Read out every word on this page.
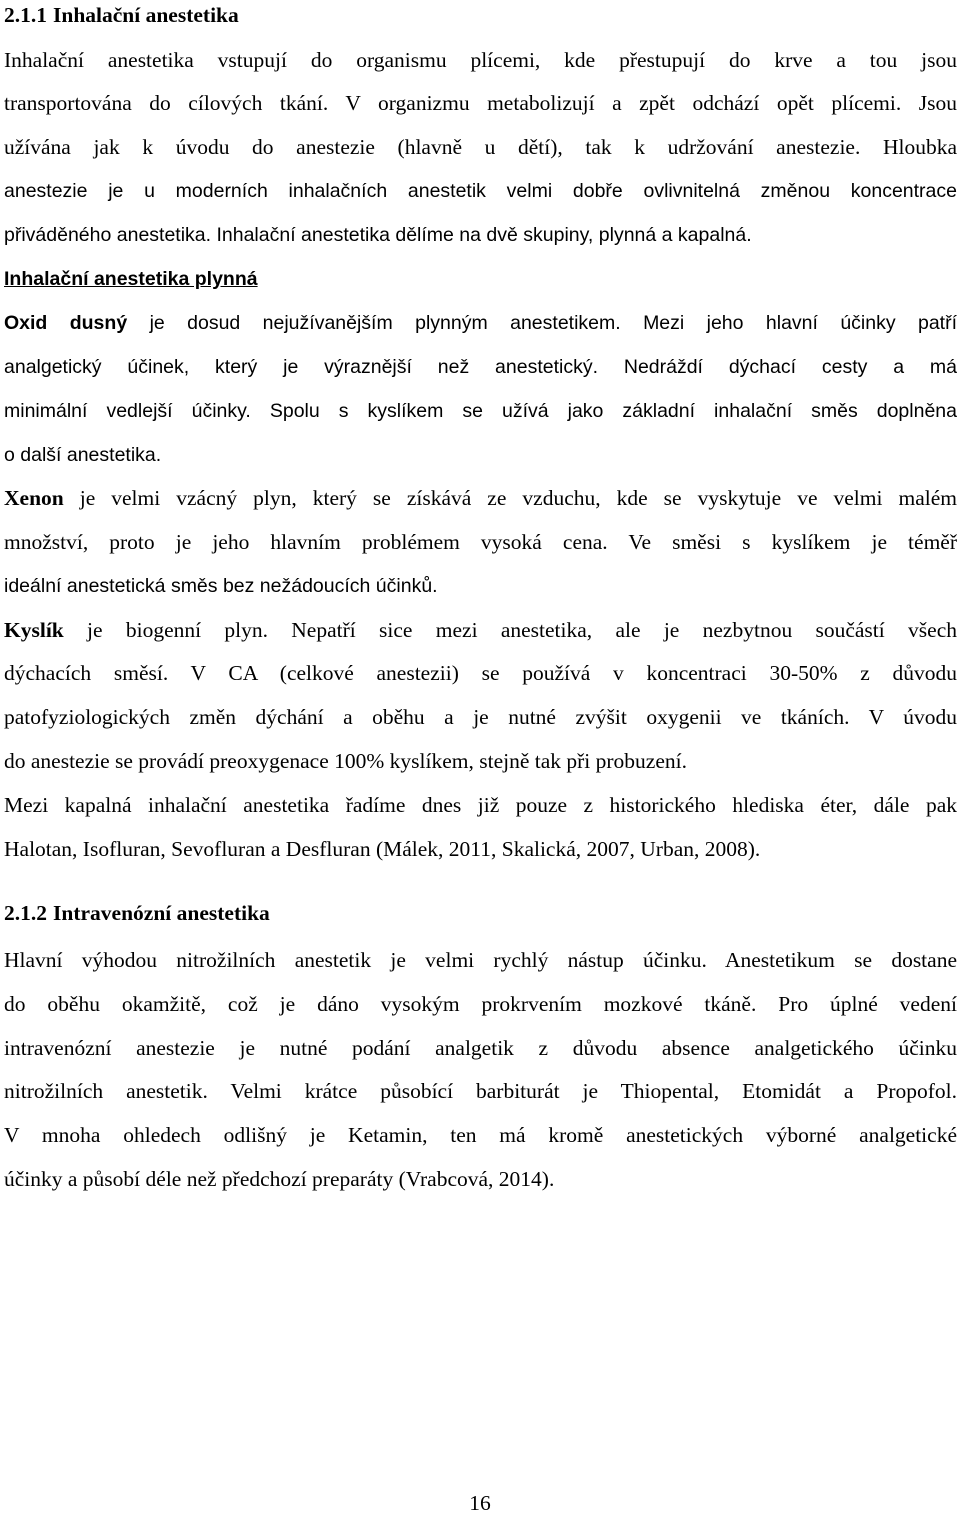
2.1.1 Inhalační anestetika
Inhalační anestetika vstupují do organismu plícemi, kde přestupují do krve a tou jsou
transportována do cílových tkání. V organizmu metabolizují a zpět odchází opět plícemi. Jsou
užívána jak k úvodu do anestezie (hlavně u dětí), tak k udržování anestezie. Hloubka
anestezie je u moderních inhalačních anestetik velmi dobře ovlivnitelná změnou koncentrace
přiváděného anestetika. Inhalační anestetika dělíme na dvě skupiny, plynná a kapalná.
Inhalační anestetika plynná
Oxid dusný je dosud nejužívanějším plynným anestetikem. Mezi jeho hlavní účinky patří
analgetický účinek, který je výraznější než anestetický. Nedráždí dýchací cesty a má
minimální vedlejší účinky. Spolu s kyslíkem se užívá jako základní inhalační směs doplněna
o další anestetika.
Xenon je velmi vzácný plyn, který se získává ze vzduchu, kde se vyskytuje ve velmi malém
množství, proto je jeho hlavním problémem vysoká cena. Ve směsi s kyslíkem je téměř
ideální anestetická směs bez nežádoucích účinků.
Kyslík je biogenní plyn. Nepatří sice mezi anestetika, ale je nezbytnou součástí všech
dýchacích směsí. V CA (celkové anestezii) se používá v koncentraci 30-50% z důvodu
patofyziologických změn dýchání a oběhu a je nutné zvýšit oxygenii ve tkáních. V úvodu
do anestezie se provádí preoxygenace 100% kyslíkem, stejně tak při probuzení.
Mezi kapalná inhalační anestetika řadíme dnes již pouze z historického hlediska éter, dále pak
Halotan, Isofluran, Sevofluran a Desfluran (Málek, 2011, Skalická, 2007, Urban, 2008).
2.1.2 Intravenózní anestetika
Hlavní výhodou nitrožilních anestetik je velmi rychlý nástup účinku. Anestetikum se dostane
do oběhu okamžitě, což je dáno vysokým prokrvením mozkové tkáně. Pro úplné vedení
intravenózní anestezie je nutné podání analgetik z důvodu absence analgetického účinku
nitrožilních anestetik. Velmi krátce působící barbiturát je Thiopental, Etomidát a Propofol.
V mnoha ohledech odlišný je Ketamin, ten má kromě anestetických výborné analgetické
účinky a působí déle než předchozí preparáty (Vrabcová, 2014).
16
